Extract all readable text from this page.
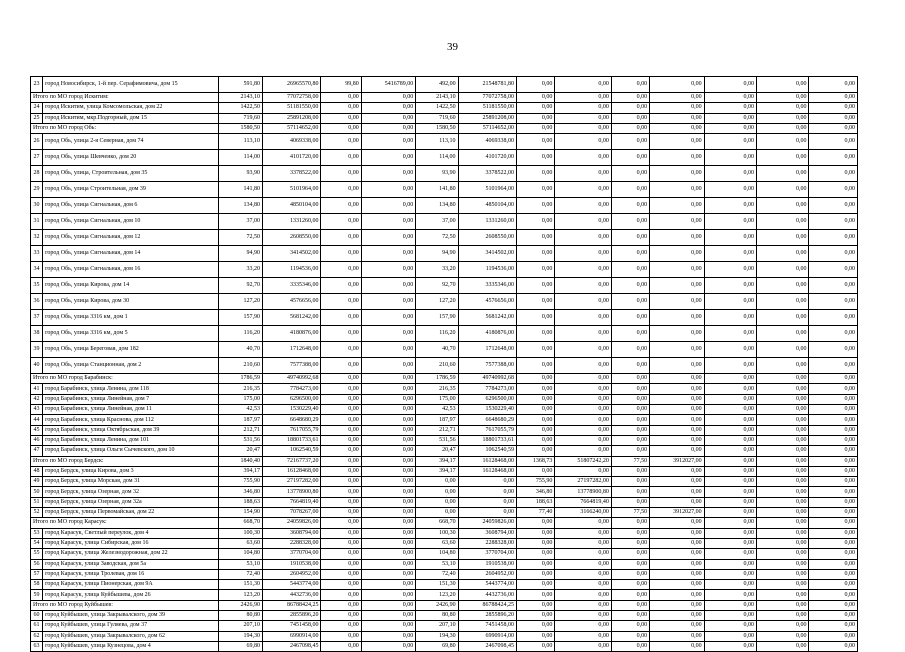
39
23	город Новосибирск, 1-й пер. Серафимовича, дом 15	591,80	26965570,80	99,80	5416789,00	492,00	21548781,80	0,00	0,00	0,00	0,00	0,00	0,00	0,00
Итого по МО город Искитим:		2143,10	77072758,00	0,00	0,00	2143,10	77072758,00	0,00	0,00	0,00	0,00	0,00	0,00	0,00
24	город Искитим, улица Комсомольская, дом 22	1422,50	51181550,00	0,00	0,00	1422,50	51181550,00	0,00	0,00	0,00	0,00	0,00	0,00	0,00
25	город Искитим, мкр.Подгорный, дом 15	719,60	25891208,00	0,00	0,00	719,60	25891208,00	0,00	0,00	0,00	0,00	0,00	0,00	0,00
Итого по МО город Обь:		1580,50	57114652,00	0,00	0,00	1580,50	57114652,00	0,00	0,00	0,00	0,00	0,00	0,00	0,00
26	город Обь, улица 2-я Северная, дом 74	113,10	4069338,00	0,00	0,00	113,10	4069338,00	0,00	0,00	0,00	0,00	0,00	0,00	0,00
27	город Обь, улица Шевченко, дом 20	114,00	4101720,00	0,00	0,00	114,00	4101720,00	0,00	0,00	0,00	0,00	0,00	0,00	0,00
28	город Обь, улица, Строительная, дом 35	93,90	3378522,00	0,00	0,00	93,90	3378522,00	0,00	0,00	0,00	0,00	0,00	0,00	0,00
29	город Обь, улица Строительная, дом 39	141,80	5101964,00	0,00	0,00	141,80	5101964,00	0,00	0,00	0,00	0,00	0,00	0,00	0,00
30	город Обь, улица Сигнальная, дом 6	134,80	4850104,00	0,00	0,00	134,80	4850104,00	0,00	0,00	0,00	0,00	0,00	0,00	0,00
31	город Обь, улица Сигнальная, дом 10	37,00	1331260,00	0,00	0,00	37,00	1331260,00	0,00	0,00	0,00	0,00	0,00	0,00	0,00
32	город Обь, улица Сигнальная, дом 12	72,50	2608550,00	0,00	0,00	72,50	2608550,00	0,00	0,00	0,00	0,00	0,00	0,00	0,00
33	город Обь, улица Сигнальная, дом 14	94,90	3414502,00	0,00	0,00	94,90	3414502,00	0,00	0,00	0,00	0,00	0,00	0,00	0,00
34	город Обь, улица Сигнальная, дом 16	33,20	1194536,00	0,00	0,00	33,20	1194536,00	0,00	0,00	0,00	0,00	0,00	0,00	0,00
35	город Обь, улица Кирова, дом 14	92,70	3335346,00	0,00	0,00	92,70	3335346,00	0,00	0,00	0,00	0,00	0,00	0,00	0,00
36	город Обь, улица Кирова, дом 30	127,20	4576656,00	0,00	0,00	127,20	4576656,00	0,00	0,00	0,00	0,00	0,00	0,00	0,00
37	город Обь, улица 3316 км, дом 1	157,90	5681242,00	0,00	0,00	157,90	5681242,00	0,00	0,00	0,00	0,00	0,00	0,00	0,00
38	город Обь, улица 3316 км, дом 5	116,20	4180876,00	0,00	0,00	116,20	4180876,00	0,00	0,00	0,00	0,00	0,00	0,00	0,00
39	город Обь, улица Береговая, дом 182	40,70	1712648,00	0,00	0,00	40,70	1712648,00	0,00	0,00	0,00	0,00	0,00	0,00	0,00
40	город Обь, улица Станционная, дом 2	210,60	7577388,00	0,00	0,00	210,60	7577388,00	0,00	0,00	0,00	0,00	0,00	0,00	0,00
Итого по МО город Барабинск:		1786,59	49740992,68	0,00	0,00	1786,59	49740992,68	0,00	0,00	0,00	0,00	0,00	0,00	0,00
41	город Барабинск, улица Ленина, дом 118	216,35	7784273,00	0,00	0,00	216,35	7784273,00	0,00	0,00	0,00	0,00	0,00	0,00	0,00
42	город Барабинск, улица Линейная, дом 7	175,00	6296500,00	0,00	0,00	175,00	6296500,00	0,00	0,00	0,00	0,00	0,00	0,00	0,00
43	город Барабинск, улица Линейная, дом 11	42,53	1530229,40	0,00	0,00	42,53	1530229,40	0,00	0,00	0,00	0,00	0,00	0,00	0,00
44	город Барабинск, улица Краснова, дом 112	187,97	6648680,29	0,00	0,00	187,97	6648680,29	0,00	0,00	0,00	0,00	0,00	0,00	0,00
45	город Барабинск, улица Октябрьская, дом 39	212,71	7617055,79	0,00	0,00	212,71	7617055,79	0,00	0,00	0,00	0,00	0,00	0,00	0,00
46	город Барабинск, улица Ленина, дом 101	531,56	18801733,61	0,00	0,00	531,56	18801733,61	0,00	0,00	0,00	0,00	0,00	0,00	0,00
47	город Барабинск, улица Ольги Сычевского, дом 10	20,47	1062540,59	0,00	0,00	20,47	1062540,59	0,00	0,00	0,00	0,00	0,00	0,00	0,00
Итого по МО город Бердск:		1840,40	72167737,20	0,00	0,00	394,17	16128468,00	1368,73	51807242,20	77,50	3912027,00	0,00	0,00	0,00
48	город Бердск, улица Кирова, дом 3	394,17	16128468,00	0,00	0,00	394,17	16128468,00	0,00	0,00	0,00	0,00	0,00	0,00	0,00
49	город Бердск, улица Морская, дом 31	755,90	27197282,00	0,00	0,00	0,00	0,00	755,90	27197282,00	0,00	0,00	0,00	0,00	0,00
50	город Бердск, улица Озерная, дом 32	346,80	13778900,80	0,00	0,00	0,00	0,00	346,80	13778900,80	0,00	0,00	0,00	0,00	0,00
51	город Бердск, улица Озерная, дом 32а	188,63	7664819,40	0,00	0,00	0,00	0,00	188,63	7664819,40	0,00	0,00	0,00	0,00	0,00
52	город Бердск, улица Первомайская, дом 22	154,90	7078267,00	0,00	0,00	0,00	0,00	77,40	3166240,00	77,50	3912027,00	0,00	0,00	0,00
Итого по МО город Карасук:		668,70	24059826,00	0,00	0,00	668,70	24059826,00	0,00	0,00	0,00	0,00	0,00	0,00	0,00
53	город Карасук, Светлый переулок, дом 4	100,30	3608794,00	0,00	0,00	100,30	3608794,00	0,00	0,00	0,00	0,00	0,00	0,00	0,00
54	город Карасук, улица Сибирская, дом 16	63,60	2288328,00	0,00	0,00	63,60	2288328,00	0,00	0,00	0,00	0,00	0,00	0,00	0,00
55	город Карасук, улица Железнодорожная, дом 22	104,80	3770704,00	0,00	0,00	104,80	3770704,00	0,00	0,00	0,00	0,00	0,00	0,00	0,00
56	город Карасук, улица Заводская, дом 5а	53,10	1910538,00	0,00	0,00	53,10	1910538,00	0,00	0,00	0,00	0,00	0,00	0,00	0,00
57	город Карасук, улица Тролевая, дом 16	72,40	2604952,00	0,00	0,00	72,40	2604952,00	0,00	0,00	0,00	0,00	0,00	0,00	0,00
58	город Карасук, улица Пионерская, дом 9А	151,30	5443774,00	0,00	0,00	151,30	5443774,00	0,00	0,00	0,00	0,00	0,00	0,00	0,00
59	город Карасук, улица Куйбышева, дом 26	123,20	4432736,00	0,00	0,00	123,20	4432736,00	0,00	0,00	0,00	0,00	0,00	0,00	0,00
Итого по МО город Куйбышев:		2426,90	86788424,25	0,00	0,00	2426,90	86788424,25	0,00	0,00	0,00	0,00	0,00	0,00	0,00
60	город Куйбышев, улица Закрывалского, дом 39	80,80	2855896,20	0,00	0,00	80,80	2855896,20	0,00	0,00	0,00	0,00	0,00	0,00	0,00
61	город Куйбышев, улица Гуляева, дом 37	207,10	7451458,00	0,00	0,00	207,10	7451458,00	0,00	0,00	0,00	0,00	0,00	0,00	0,00
62	город Куйбышев, улица Закрывалского, дом 62	194,30	6990914,00	0,00	0,00	194,30	6990914,00	0,00	0,00	0,00	0,00	0,00	0,00	0,00
63	город Куйбышев, улица Кузнецова, дом 4	69,80	2467098,45	0,00	0,00	69,80	2467098,45	0,00	0,00	0,00	0,00	0,00	0,00	0,00
